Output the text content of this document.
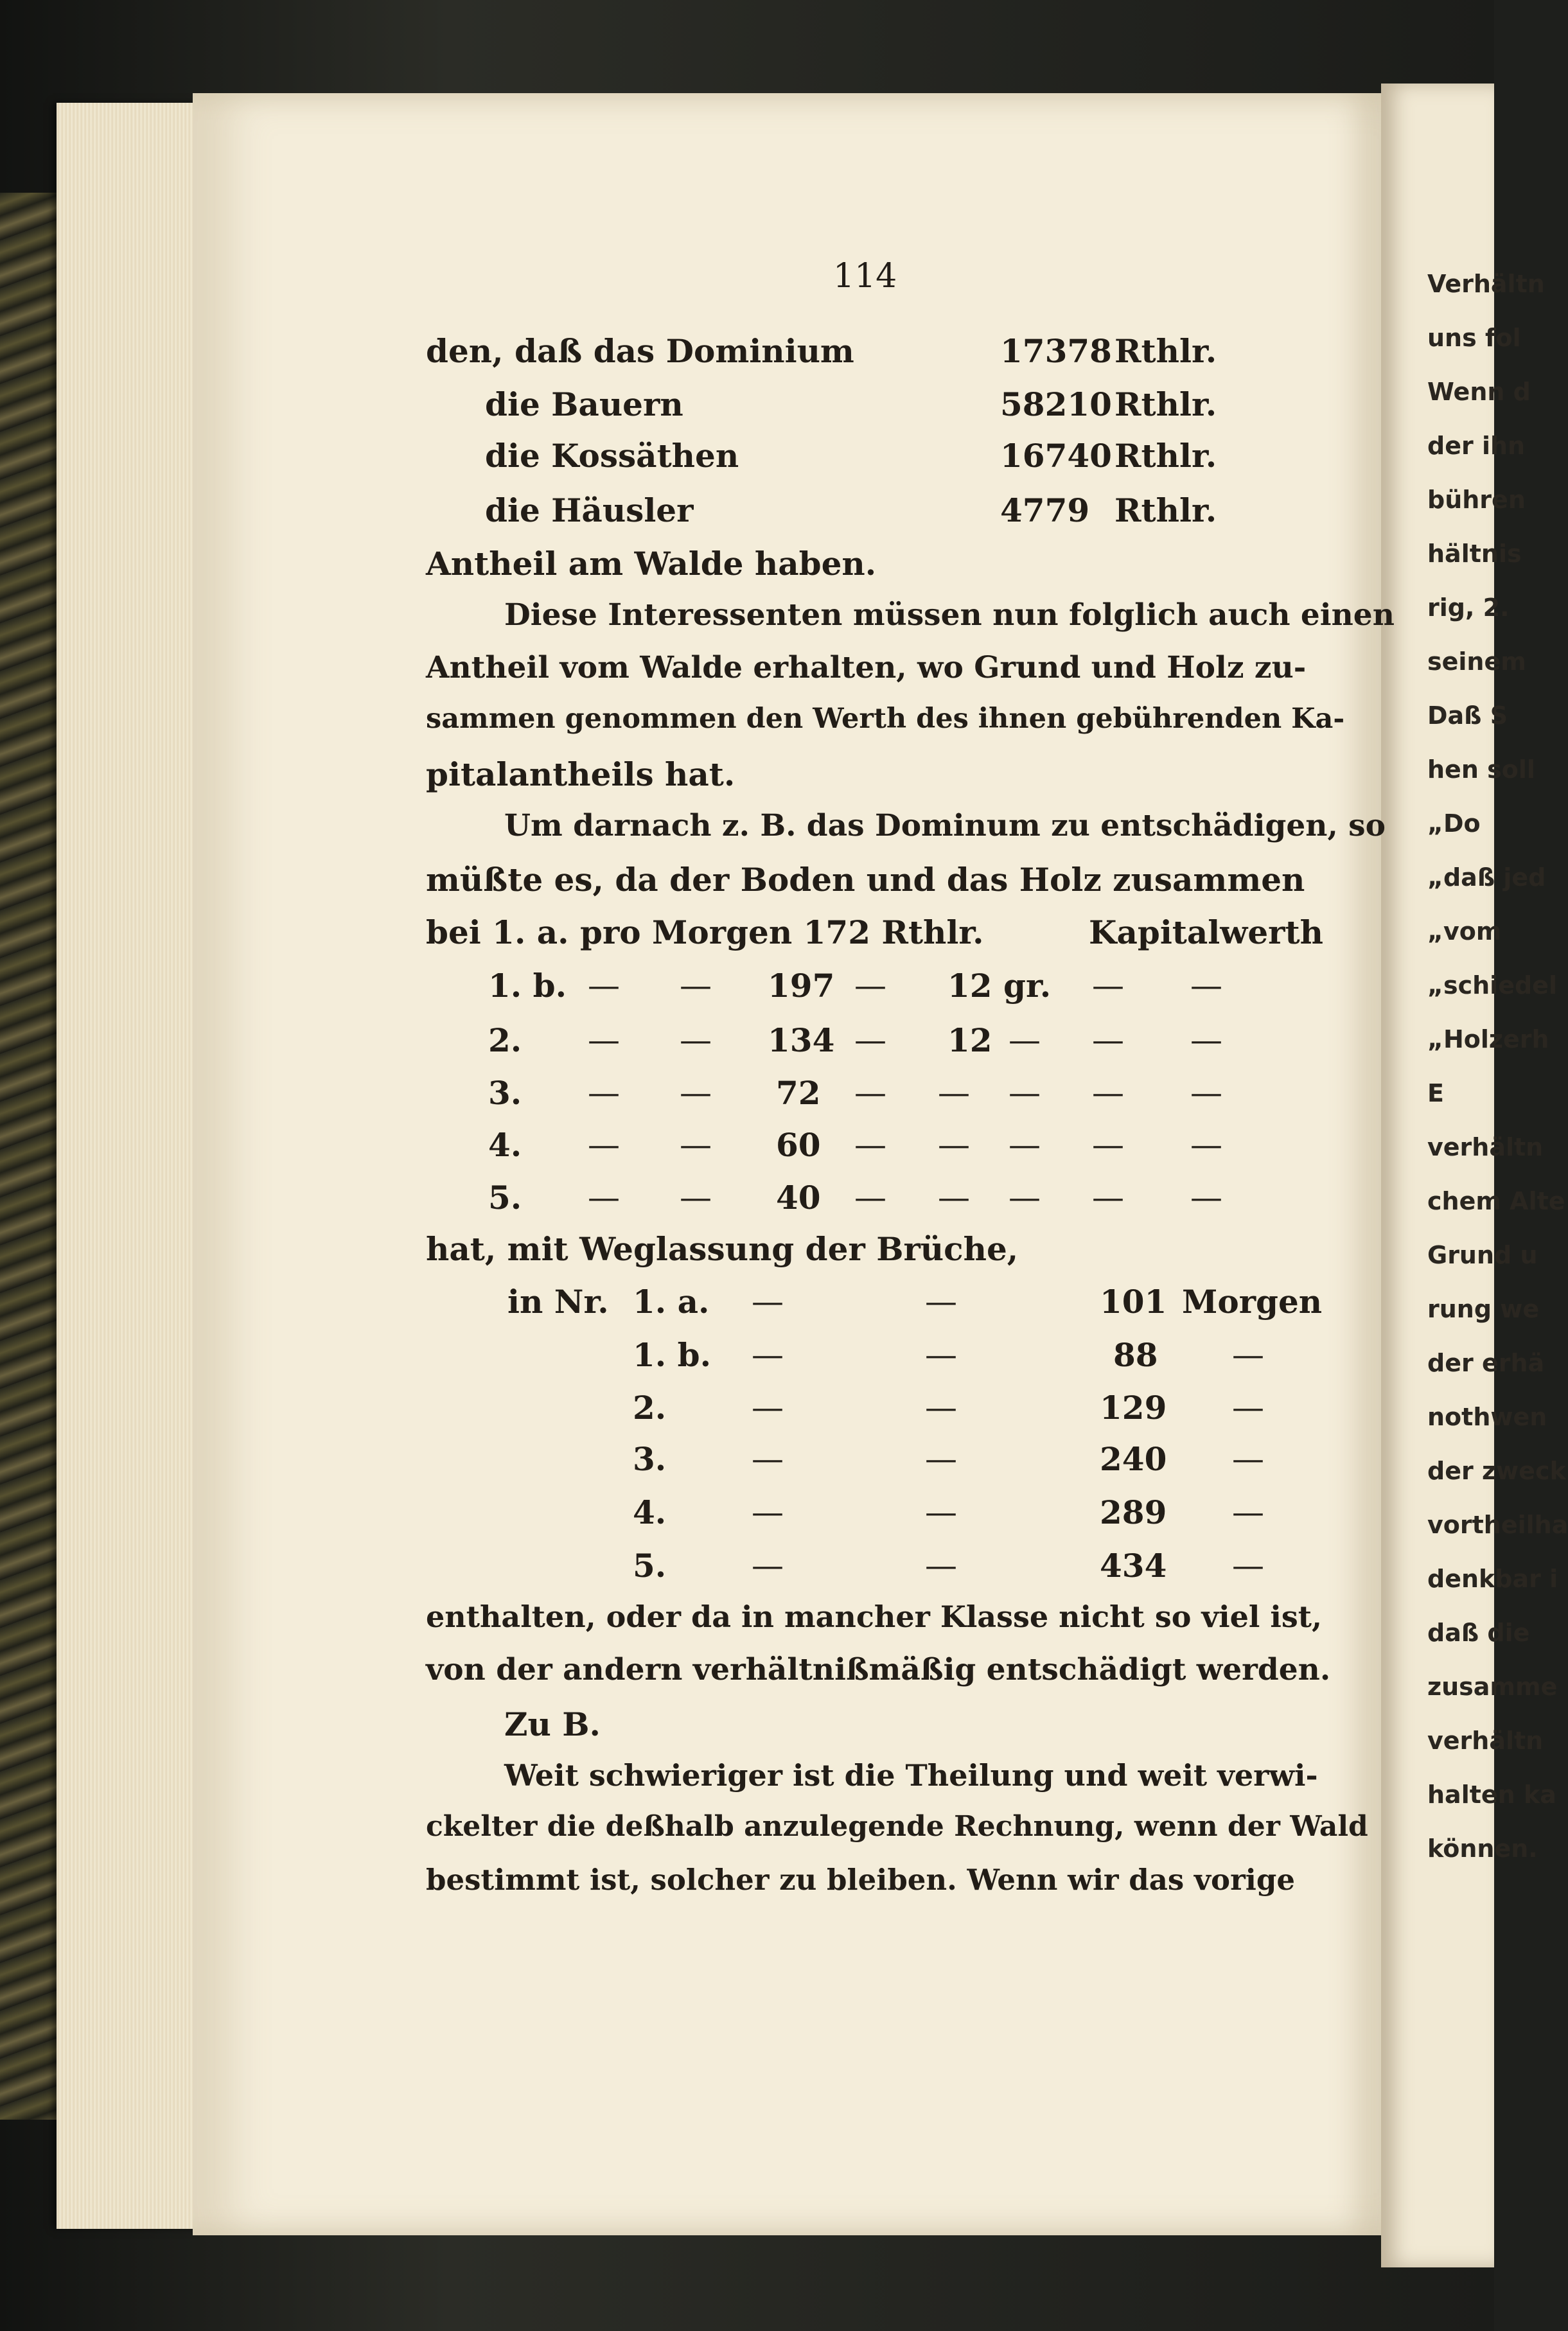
Verhältn
uns fol
Wenn d
der ihn
bühren
hältnis
rig, 2.
seinem
Daß S
hen soll
„Do
„daß jed
„vom
„schiedel
„Holzerh
E
verhältn
chem Alte
Grund u
rung we
der erhä
nothwen
der zweck
vortheilha
denkbar i
daß die
zusamme
verhältn
halten ka
können.
114
den, daß das Dominium	17378 Rthlr.
die Bauern	58210 Rthlr.
die Kossäthen	16740 Rthlr.
die Häusler	4779 Rthlr.
Antheil am Walde haben.
Diese Interessenten müssen nun folglich auch einen
Antheil vom Walde erhalten, wo Grund und Holz zu-
sammen genommen den Werth des ihnen gebührenden Ka-
pitalantheils hat.
Um darnach z. B. das Dominum zu entschädigen, so
müßte es, da der Boden und das Holz zusammen
bei 1. a. pro Morgen 172 Rthlr.	Kapitalwerth
1. b. — — 197 — 12 gr. — —
2. — — 134 — 12 — — —
3. — — 72 — — — — —
4. — — 60 — — — — —
5. — — 40 — — — — —
hat, mit Weglassung der Brüche,
in Nr. 1. a. —	—	101 Morgen
1. b. —	—	88 —
2.	—	—	129 —
3.	—	—	240 —
4.	—	—	289 —
5.	—	—	434 —
enthalten, oder da in mancher Klasse nicht so viel ist,
von der andern verhältnißmäßig entschädigt werden.
Zu B.
Weit schwieriger ist die Theilung und weit verwi-
ckelter die deßhalb anzulegende Rechnung, wenn der Wald
bestimmt ist, solcher zu bleiben. Wenn wir das vorige
